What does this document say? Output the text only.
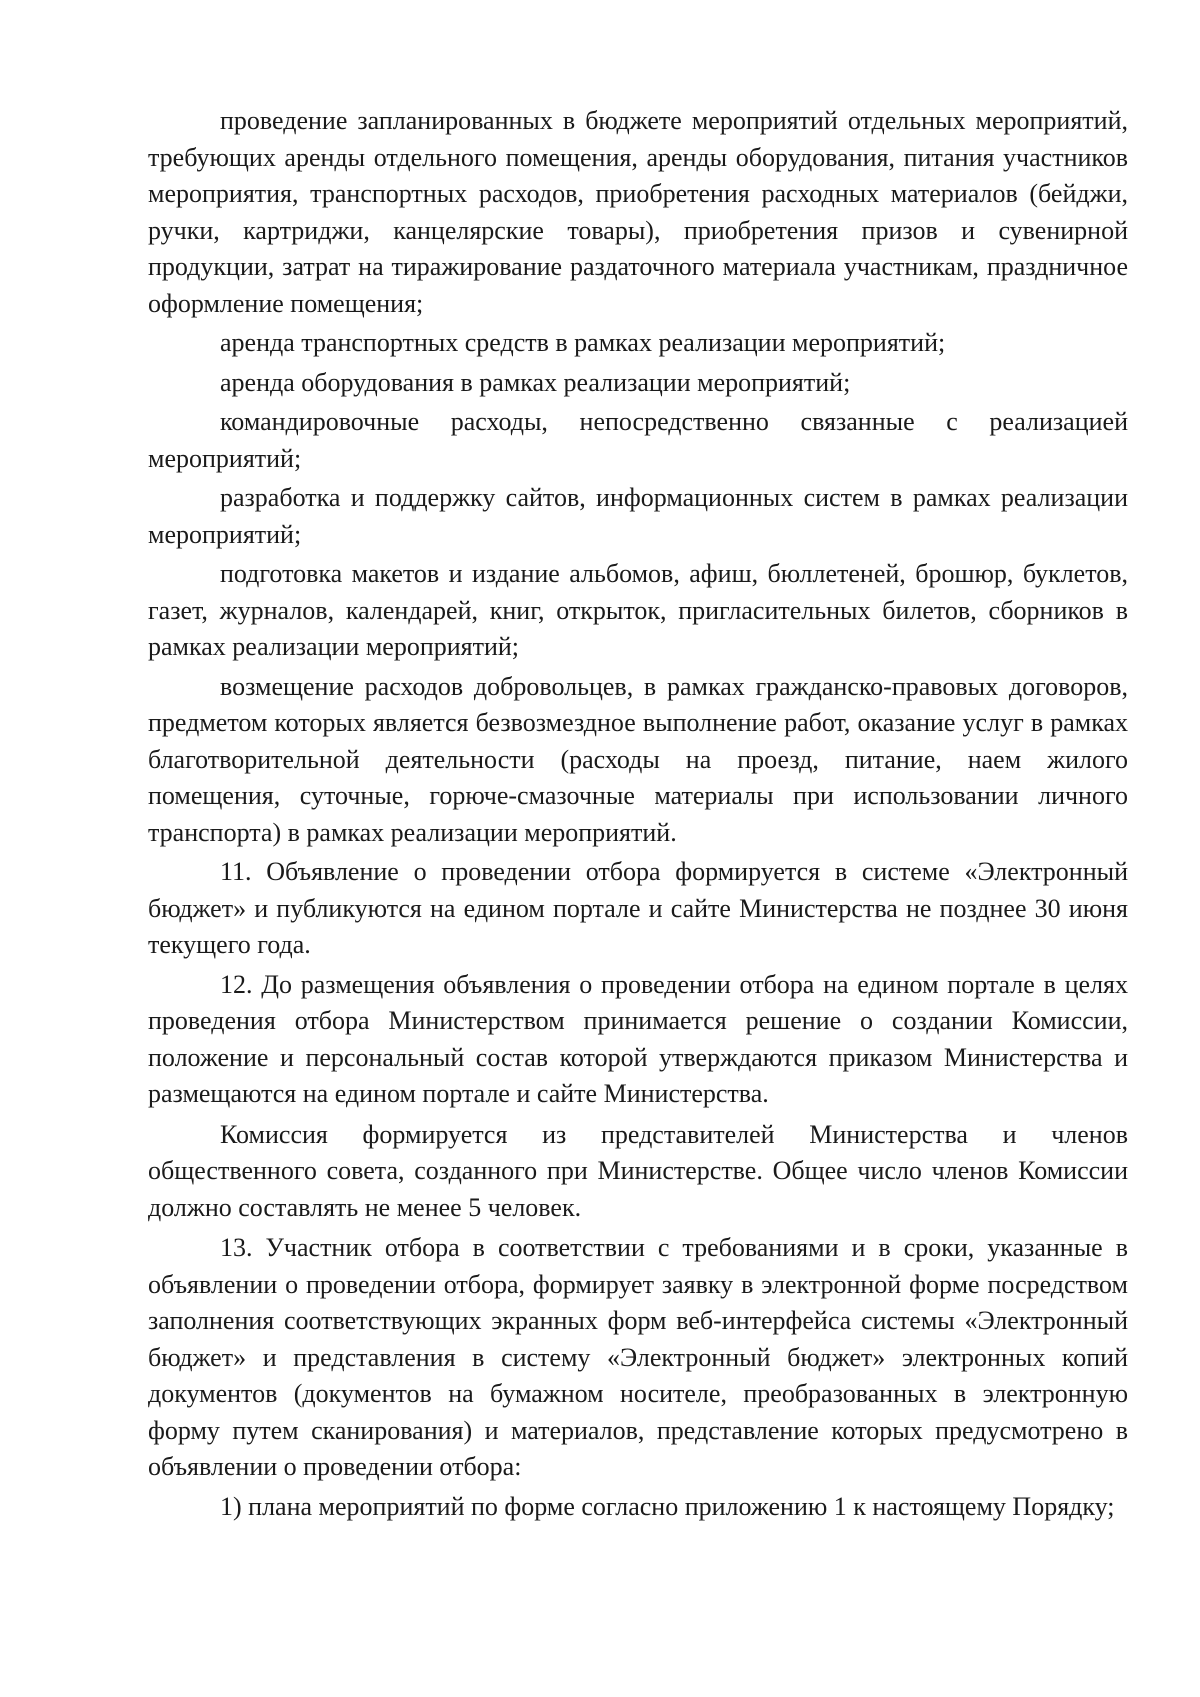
проведение запланированных в бюджете мероприятий отдельных мероприятий, требующих аренды отдельного помещения, аренды оборудования, питания участников мероприятия, транспортных расходов, приобретения расходных материалов (бейджи, ручки, картриджи, канцелярские товары), приобретения призов и сувенирной продукции, затрат на тиражирование раздаточного материала участникам, праздничное оформление помещения;

аренда транспортных средств в рамках реализации мероприятий;

аренда оборудования в рамках реализации мероприятий;

командировочные расходы, непосредственно связанные с реализацией мероприятий;

разработка и поддержку сайтов, информационных систем в рамках реализации мероприятий;

подготовка макетов и издание альбомов, афиш, бюллетеней, брошюр, буклетов, газет, журналов, календарей, книг, открыток, пригласительных билетов, сборников в рамках реализации мероприятий;

возмещение расходов добровольцев, в рамках гражданско-правовых договоров, предметом которых является безвозмездное выполнение работ, оказание услуг в рамках благотворительной деятельности (расходы на проезд, питание, наем жилого помещения, суточные, горюче-смазочные материалы при использовании личного транспорта) в рамках реализации мероприятий.

11. Объявление о проведении отбора формируется в системе «Электронный бюджет» и публикуются на едином портале и сайте Министерства не позднее 30 июня текущего года.

12. До размещения объявления о проведении отбора на едином портале в целях проведения отбора Министерством принимается решение о создании Комиссии, положение и персональный состав которой утверждаются приказом Министерства и размещаются на едином портале и сайте Министерства.

Комиссия формируется из представителей Министерства и членов общественного совета, созданного при Министерстве. Общее число членов Комиссии должно составлять не менее 5 человек.

13. Участник отбора в соответствии с требованиями и в сроки, указанные в объявлении о проведении отбора, формирует заявку в электронной форме посредством заполнения соответствующих экранных форм веб-интерфейса системы «Электронный бюджет» и представления в систему «Электронный бюджет» электронных копий документов (документов на бумажном носителе, преобразованных в электронную форму путем сканирования) и материалов, представление которых предусмотрено в объявлении о проведении отбора:

1) плана мероприятий по форме согласно приложению 1 к настоящему Порядку;
